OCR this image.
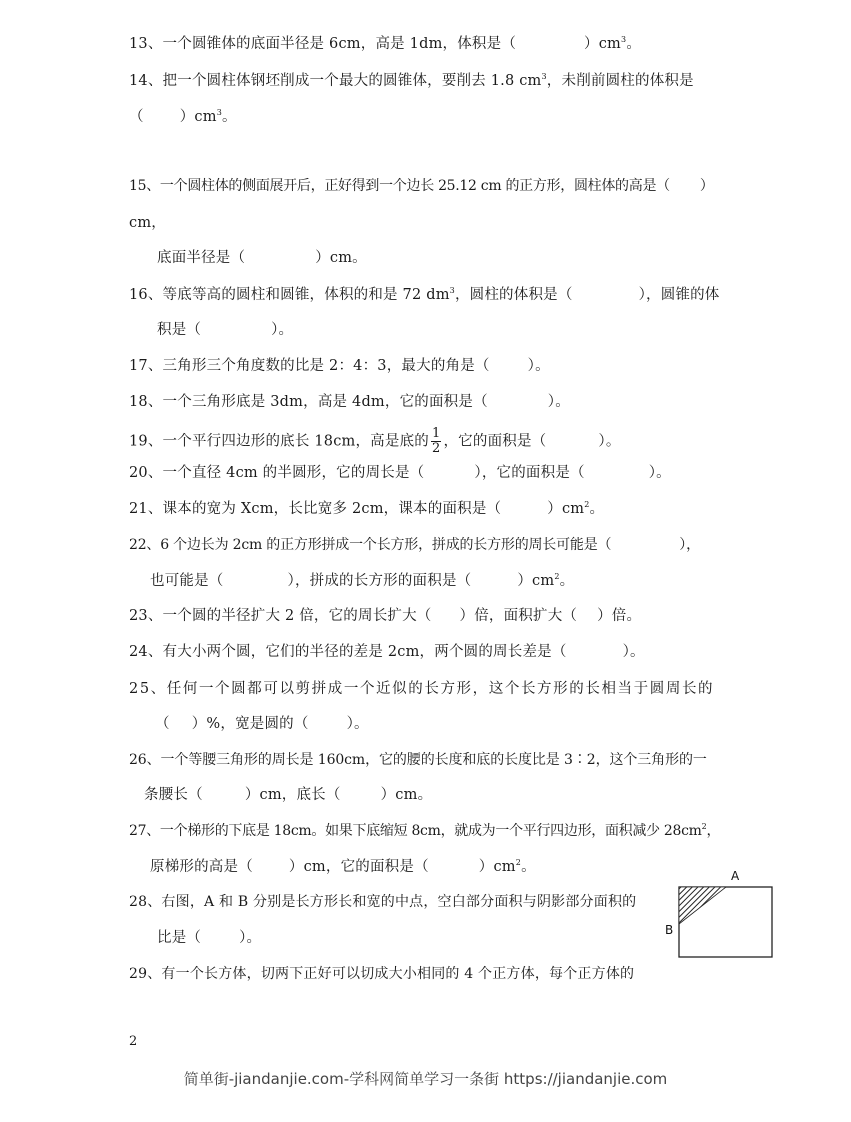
13、一个圆锥体的底面半径是 6cm，高是 1dm，体积是（	）$cm^3$。
14、把一个圆柱体钢坯削成一个最大的圆锥体，要削去 1.8 $cm^3$，未削前圆柱的体积是
（ ）$cm^3$。
15、一个圆柱体的侧面展开后，正好得到一个边长 25.12 cm 的正方形，圆柱体的高是（ ）
cm，
底面半径是（	）cm。
16、等底等高的圆柱和圆锥，体积的和是 72 $dm^3$，圆柱的体积是（	），圆锥的体
积是（	）。
17、三角形三个角度数的比是 2：4：3，最大的角是（	）。
18、一个三角形底是 3dm，高是 4dm，它的面积是（	）。
19、一个平行四边形的底长 18cm，高是底的 $\frac{1}{2}$ ，它的面积是（	）。
20、一个直径 4cm 的半圆形，它的周长是（	），它的面积是（	）。
21、课本的宽为 Xcm，长比宽多 2cm，课本的面积是（	）$cm^2$。
22、6 个边长为 2cm 的正方形拼成一个长方形，拼成的长方形的周长可能是（	），
也可能是（	），拼成的长方形的面积是（	）$cm^2$。
23、一个圆的半径扩大 2 倍，它的周长扩大（ ）倍，面积扩大（ ）倍。
24、有大小两个圆，它们的半径的差是 2cm，两个圆的周长差是（	）。
25、任何一个圆都可以剪拼成一个近似的长方形，这个长方形的长相当于圆周长的
（ ）%，宽是圆的（	）。
26、一个等腰三角形的周长是 160cm，它的腰的长度和底的长度比是 3∶2，这个三角形的一
条腰长（	）cm，底长（	）cm。
27、一个梯形的下底是 18cm。如果下底缩短 8cm，就成为一个平行四边形，面积减少 $28cm^2$，
原梯形的高是（ ）cm，它的面积是（	）$cm^2$。
28、右图，A 和 B 分别是长方形长和宽的中点，空白部分面积与阴影部分面积的
比是（	）。
29、有一个长方体，切两下正好可以切成大小相同的 4 个正方体，每个正方体的
A
B
2
简单街-jiandanjie.com-学科网简单学习一条街 https://jiandanjie.com
